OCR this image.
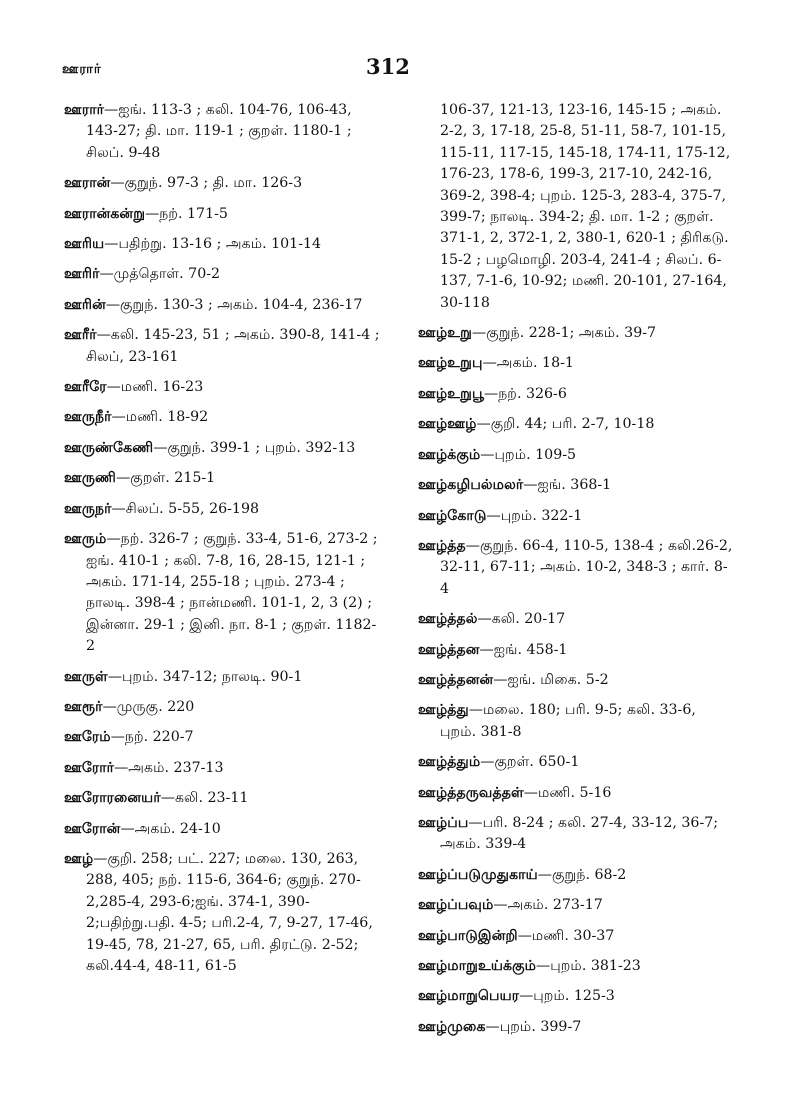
ஊரார்	312
ஊரார்—ஐங். 113-3 ; கலி. 104-76, 106-43, 143-27; தி. மா. 119-1 ; குறள். 1180-1 ; சிலப். 9-48
ஊரான்—குறுந். 97-3 ; தி. மா. 126-3
ஊரான்கன்று—நற். 171-5
ஊரிய—பதிற்று. 13-16 ; அகம். 101-14
ஊரிர்—முத்தொள். 70-2
ஊரின்—குறுந். 130-3 ; அகம். 104-4, 236-17
ஊரீர்—கலி. 145-23, 51 ; அகம். 390-8, 141-4 ; சிலப், 23-161
ஊரீரே—மணி. 16-23
ஊருநீர்—மணி. 18-92
ஊருண்கேணி—குறுந். 399-1 ; புறம். 392-13
ஊருணி—குறள். 215-1
ஊருநர்—சிலப். 5-55, 26-198
ஊரும்—நற். 326-7 ; குறுந். 33-4, 51-6, 273-2 ; ஐங். 410-1 ; கலி. 7-8, 16, 28-15, 121-1 ; அகம். 171-14, 255-18 ; புறம். 273-4 ; நாலடி. 398-4 ; நான்மணி. 101-1, 2, 3 (2) ; இன்னா. 29-1 ; இனி. நா. 8-1 ; குறள். 1182-2
ஊருள்—புறம். 347-12; நாலடி. 90-1
ஊரூர்—முருகு. 220
ஊரேம்—நற். 220-7
ஊரோர்—அகம். 237-13
ஊரோரனையர்—கலி. 23-11
ஊரோன்—அகம். 24-10
ஊழ்—குறி. 258; பட். 227; மலை. 130, 263, 288, 405; நற். 115-6, 364-6; குறுந். 270-2,285-4, 293-6;ஐங். 374-1, 390-2;பதிற்று.பதி. 4-5; பரி.2-4, 7, 9-27, 17-46, 19-45, 78, 21-27, 65, பரி. திரட்டு. 2-52; கலி.44-4, 48-11, 61-5
106-37, 121-13, 123-16, 145-15 ; அகம். 2-2, 3, 17-18, 25-8, 51-11, 58-7, 101-15, 115-11, 117-15, 145-18, 174-11, 175-12, 176-23, 178-6, 199-3, 217-10, 242-16, 369-2, 398-4; புறம். 125-3, 283-4, 375-7, 399-7; நாலடி. 394-2; தி. மா. 1-2 ; குறள். 371-1, 2, 372-1, 2, 380-1, 620-1 ; திரிகடு. 15-2 ; பழமொழி. 203-4, 241-4 ; சிலப். 6-137, 7-1-6, 10-92; மணி. 20-101, 27-164, 30-118
ஊழ்உறு—குறுந். 228-1; அகம். 39-7
ஊழ்உறுபு—அகம். 18-1
ஊழ்உறுபூ—நற். 326-6
ஊழ்ஊழ்—குறி. 44; பரி. 2-7, 10-18
ஊழ்க்கும்—புறம். 109-5
ஊழ்கழிபல்மலர்—ஐங். 368-1
ஊழ்கோடு—புறம். 322-1
ஊழ்த்த—குறுந். 66-4, 110-5, 138-4 ; கலி.26-2, 32-11, 67-11; அகம். 10-2, 348-3 ; கார். 8-4
ஊழ்த்தல்—கலி. 20-17
ஊழ்த்தன—ஐங். 458-1
ஊழ்த்தனன்—ஐங். மிகை. 5-2
ஊழ்த்து—மலை. 180; பரி. 9-5; கலி. 33-6, புறம். 381-8
ஊழ்த்தும்—குறள். 650-1
ஊழ்த்தருவத்தள்—மணி. 5-16
ஊழ்ப்ப—பரி. 8-24 ; கலி. 27-4, 33-12, 36-7; அகம். 339-4
ஊழ்ப்படுமுதுகாய்—குறுந். 68-2
ஊழ்ப்பவும்—அகம். 273-17
ஊழ்பாடுஇன்றி—மணி. 30-37
ஊழ்மாறுஉய்க்கும்—புறம். 381-23
ஊழ்மாறுபெயர—புறம். 125-3
ஊழ்முகை—புறம். 399-7
